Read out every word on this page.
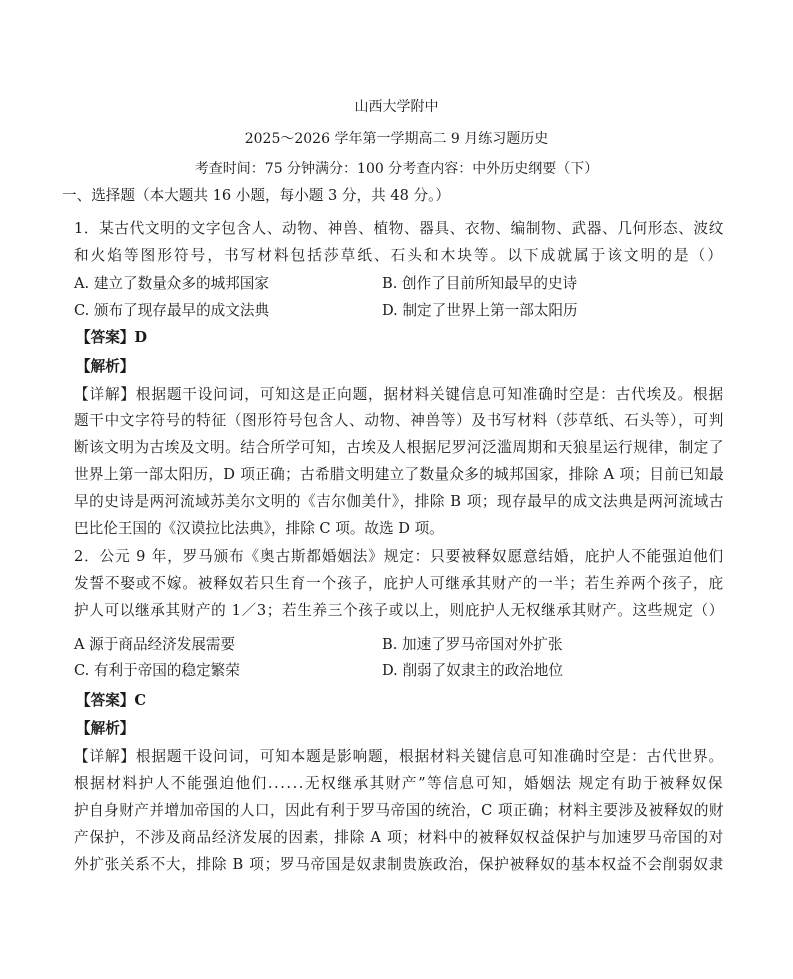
山西大学附中
2025～2026 学年第一学期高二 9 月练习题历史
考查时间：75 分钟满分：100 分考查内容：中外历史纲要（下）
一、选择题（本大题共 16 小题，每小题 3 分，共 48 分。）
1．某古代文明的文字包含人、动物、神兽、植物、器具、衣物、编制物、武器、几何形态、波纹
和火焰等图形符号，书写材料包括莎草纸、石头和木块等。以下成就属于该文明的是（）
A. 建立了数量众多的城邦国家	B. 创作了目前所知最早的史诗
C. 颁布了现存最早的成文法典	D. 制定了世界上第一部太阳历
【答案】D
【解析】
【详解】根据题干设问词，可知这是正向题，据材料关键信息可知准确时空是：古代埃及。根据
题干中文字符号的特征（图形符号包含人、动物、神兽等）及书写材料（莎草纸、石头等），可判
断该文明为古埃及文明。结合所学可知，古埃及人根据尼罗河泛滥周期和天狼星运行规律，制定了
世界上第一部太阳历，D 项正确；古希腊文明建立了数量众多的城邦国家，排除 A 项；目前已知最
早的史诗是两河流域苏美尔文明的《吉尔伽美什》，排除 B 项；现存最早的成文法典是两河流域古
巴比伦王国的《汉谟拉比法典》，排除 C 项。故选 D 项。
2．公元 9 年，罗马颁布《奥古斯都婚姻法》规定：只要被释奴愿意结婚，庇护人不能强迫他们
发誓不娶或不嫁。被释奴若只生育一个孩子，庇护人可继承其财产的一半；若生养两个孩子，庇
护人可以继承其财产的 1／3；若生养三个孩子或以上，则庇护人无权继承其财产。这些规定（）
A 源于商品经济发展需要	B. 加速了罗马帝国对外扩张
C. 有利于帝国的稳定繁荣	D. 削弱了奴隶主的政治地位
【答案】C
【解析】
【详解】根据题干设问词，可知本题是影响题，根据材料关键信息可知准确时空是：古代世界。
根据材料护人不能强迫他们......无权继承其财产”等信息可知，婚姻法 规定有助于被释奴保
护自身财产并增加帝国的人口，因此有利于罗马帝国的统治，C 项正确；材料主要涉及被释奴的财
产保护，不涉及商品经济发展的因素，排除 A 项；材料中的被释奴权益保护与加速罗马帝国的对
外扩张关系不大，排除 B 项；罗马帝国是奴隶制贵族政治，保护被释奴的基本权益不会削弱奴隶
